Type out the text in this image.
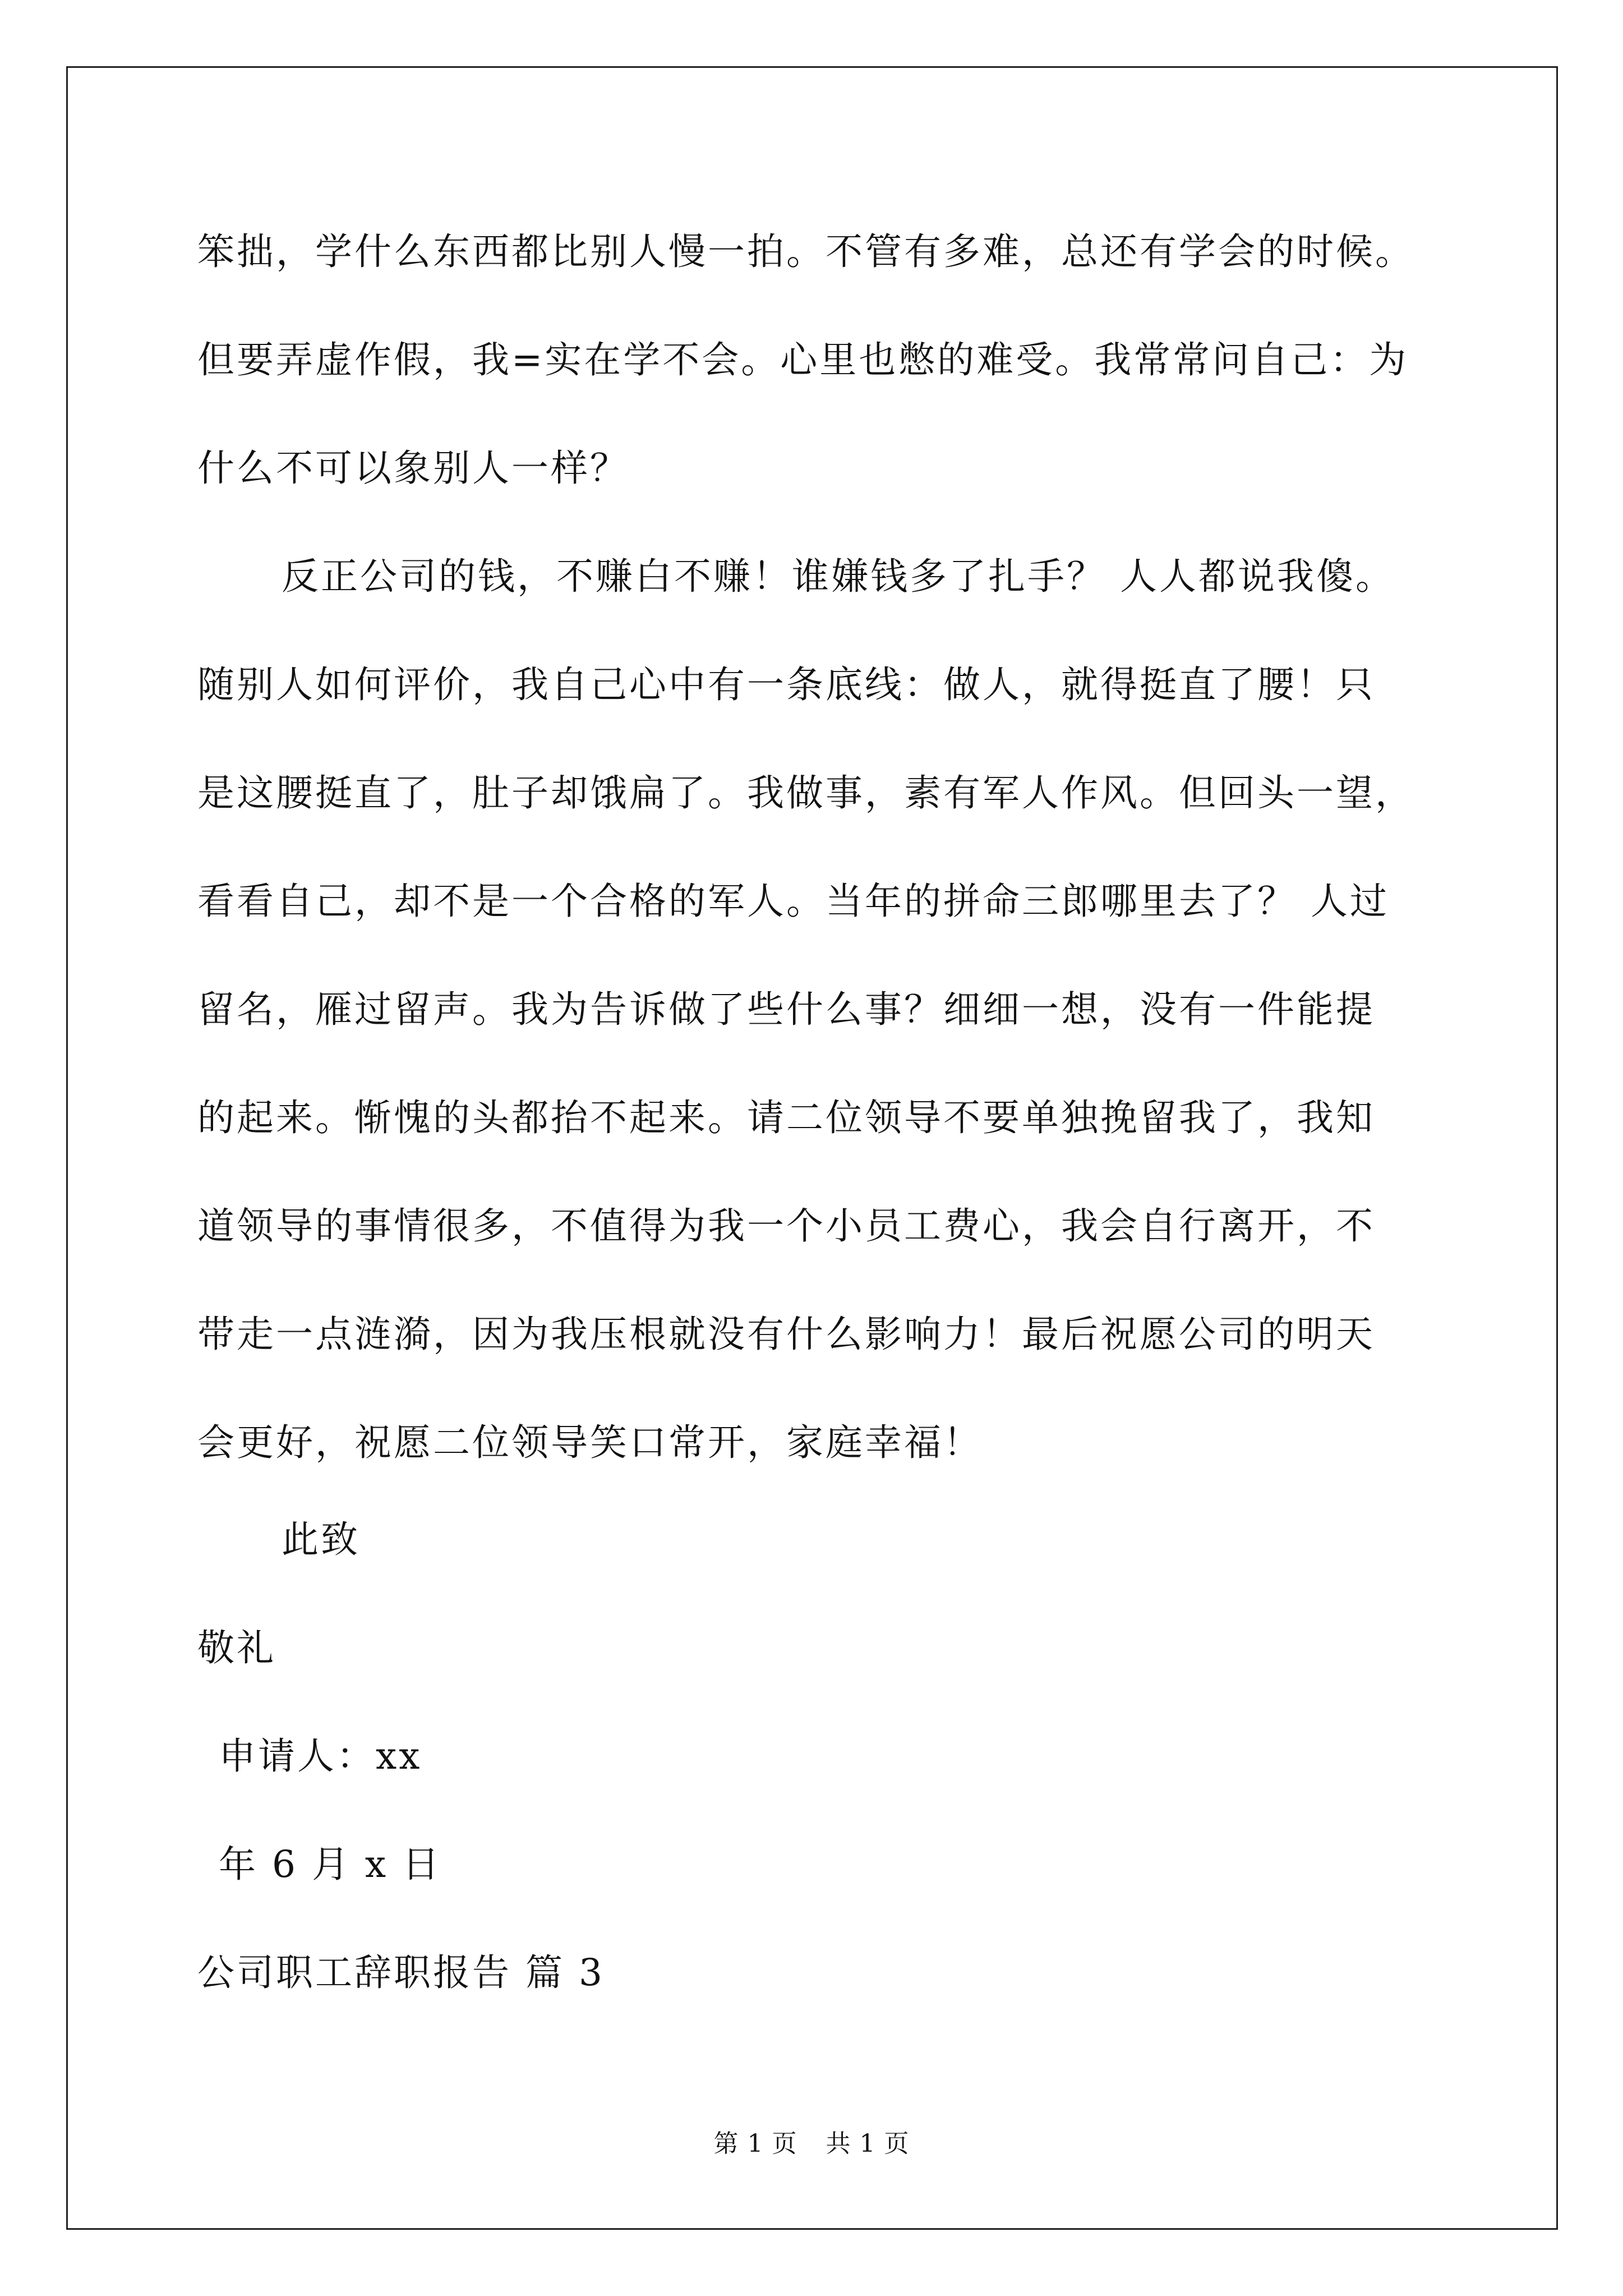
笨拙，学什么东西都比别人慢一拍。不管有多难，总还有学会的时候。
但要弄虚作假，我=实在学不会。心里也憋的难受。我常常问自己：为
什么不可以象别人一样？
反正公司的钱，不赚白不赚！谁嫌钱多了扎手？ 人人都说我傻。
随别人如何评价，我自己心中有一条底线：做人，就得挺直了腰！只
是这腰挺直了，肚子却饿扁了。我做事，素有军人作风。但回头一望，
看看自己，却不是一个合格的军人。当年的拼命三郎哪里去了？ 人过
留名，雁过留声。我为告诉做了些什么事？细细一想，没有一件能提
的起来。惭愧的头都抬不起来。请二位领导不要单独挽留我了，我知
道领导的事情很多，不值得为我一个小员工费心，我会自行离开，不
带走一点涟漪，因为我压根就没有什么影响力！最后祝愿公司的明天
会更好，祝愿二位领导笑口常开，家庭幸福！
此致
敬礼
申请人：xx
年 6 月 x 日
公司职工辞职报告 篇 3
第 1 页 共 1 页
